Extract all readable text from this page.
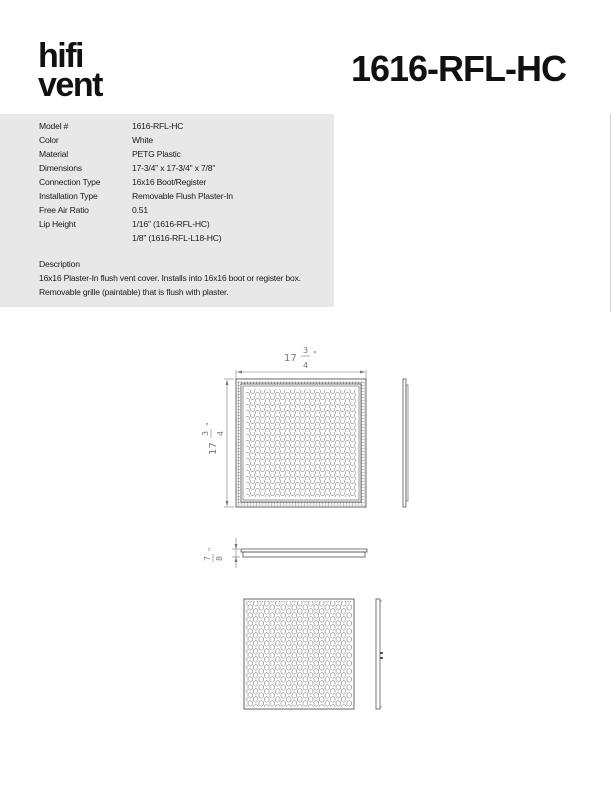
hifi
vent	1616-RFL-HC
Model #	1616-RFL-HC
Color	White
Material	PETG Plastic
Dimensions	17-3/4" x 17-3/4" x 7/8"
Connection Type	16x16 Boot/Register
Installation Type	Removable Flush Plaster-In
Free Air Ratio	0.51
Lip Height	1/16" (1616-RFL-HC)
	1/8" (1616-RFL-L18-HC)
Description
16x16 Plaster-In flush vent cover. Installs into 16x16 boot or register box.
Removable grille (paintable) that is flush with plaster.
17
3
4
"
17
3 4
"
7 8
"
